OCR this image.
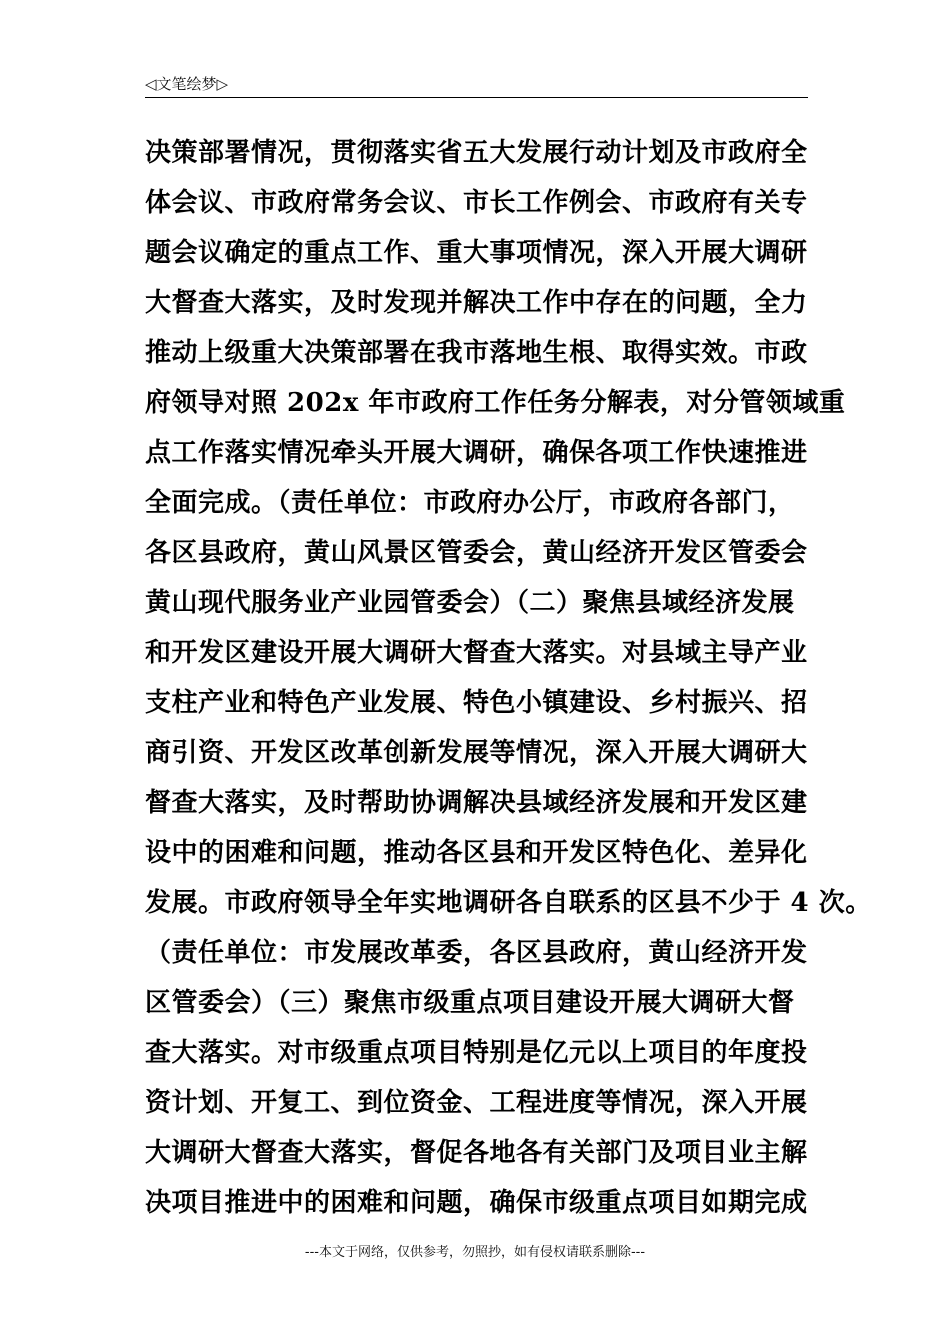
◁文笔绘梦▷
决策部署情况，贯彻落实省五大发展行动计划及市政府全
体会议、市政府常务会议、市长工作例会、市政府有关专
题会议确定的重点工作、重大事项情况，深入开展大调研
大督查大落实，及时发现并解决工作中存在的问题，全力
推动上级重大决策部署在我市落地生根、取得实效。市政
府领导对照 202x 年市政府工作任务分解表，对分管领域重
点工作落实情况牵头开展大调研，确保各项工作快速推进
全面完成。（责任单位：市政府办公厅，市政府各部门，
各区县政府，黄山风景区管委会，黄山经济开发区管委会
黄山现代服务业产业园管委会）（二）聚焦县域经济发展
和开发区建设开展大调研大督查大落实。对县域主导产业
支柱产业和特色产业发展、特色小镇建设、乡村振兴、招
商引资、开发区改革创新发展等情况，深入开展大调研大
督查大落实，及时帮助协调解决县域经济发展和开发区建
设中的困难和问题，推动各区县和开发区特色化、差异化
发展。市政府领导全年实地调研各自联系的区县不少于 4 次。
（责任单位：市发展改革委，各区县政府，黄山经济开发
区管委会）（三）聚焦市级重点项目建设开展大调研大督
查大落实。对市级重点项目特别是亿元以上项目的年度投
资计划、开复工、到位资金、工程进度等情况，深入开展
大调研大督查大落实，督促各地各有关部门及项目业主解
决项目推进中的困难和问题，确保市级重点项目如期完成
---本文于网络，仅供参考，勿照抄，如有侵权请联系删除---
